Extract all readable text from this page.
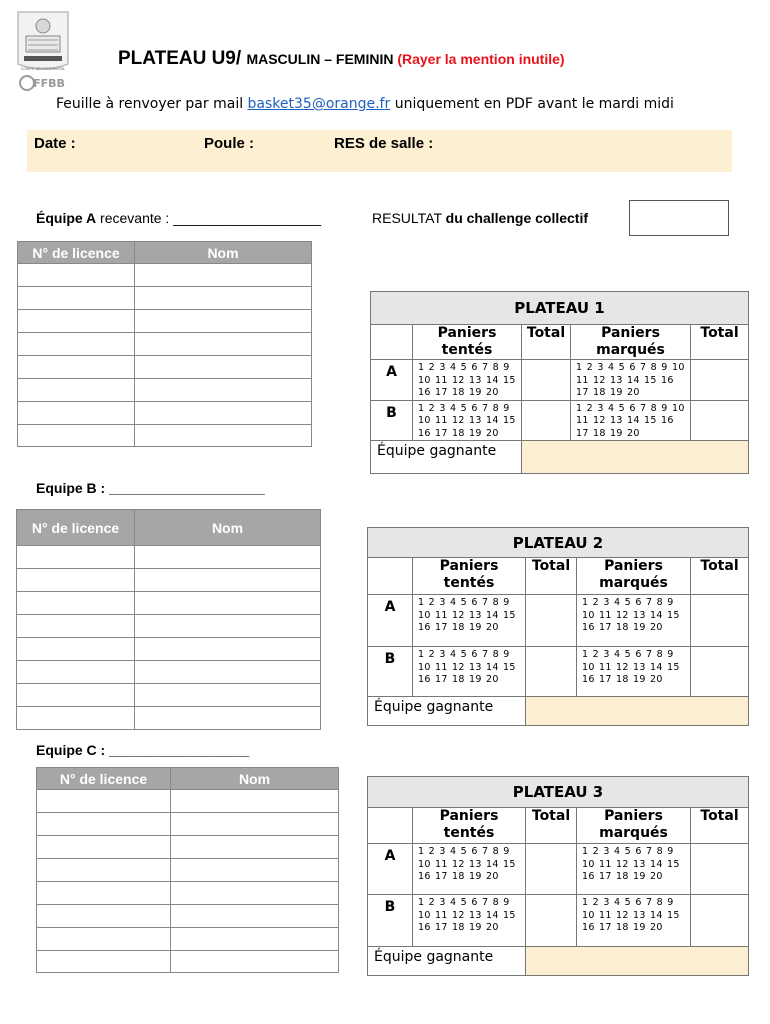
COMITÉ DÉPARTEMENTAL
FFBB
PLATEAU U9/ MASCULIN – FEMININ (Rayer la mention inutile)
Feuille à renvoyer par mail basket35@orange.fr uniquement en PDF avant le mardi midi
Date :	Poule :	RES de salle :
Équipe A recevante : ___________________	RESULTAT du challenge collectif
N° de licence	Nom

Equipe B : ____________________
N° de licence	Nom

Equipe C : __________________
N° de licence	Nom

PLATEAU 1				
	Paniers tentés	Total	Paniers marqués	Total
A	1 2 3 4 5 6 7 8 9 10 11 12 13 14 15 16 17 18 19 20		1 2 3 4 5 6 7 8 9 10 11 12 13 14 15 16 17 18 19 20	
B	1 2 3 4 5 6 7 8 9 10 11 12 13 14 15 16 17 18 19 20		1 2 3 4 5 6 7 8 9 10 11 12 13 14 15 16 17 18 19 20	
Équipe gagnante				
PLATEAU 2				
	Paniers tentés	Total	Paniers marqués	Total
A	1 2 3 4 5 6 7 8 9 10 11 12 13 14 15 16 17 18 19 20		1 2 3 4 5 6 7 8 9 10 11 12 13 14 15 16 17 18 19 20	
B	1 2 3 4 5 6 7 8 9 10 11 12 13 14 15 16 17 18 19 20		1 2 3 4 5 6 7 8 9 10 11 12 13 14 15 16 17 18 19 20	
Équipe gagnante				
PLATEAU 3				
	Paniers tentés	Total	Paniers marqués	Total
A	1 2 3 4 5 6 7 8 9 10 11 12 13 14 15 16 17 18 19 20		1 2 3 4 5 6 7 8 9 10 11 12 13 14 15 16 17 18 19 20	
B	1 2 3 4 5 6 7 8 9 10 11 12 13 14 15 16 17 18 19 20		1 2 3 4 5 6 7 8 9 10 11 12 13 14 15 16 17 18 19 20	
Équipe gagnante				
